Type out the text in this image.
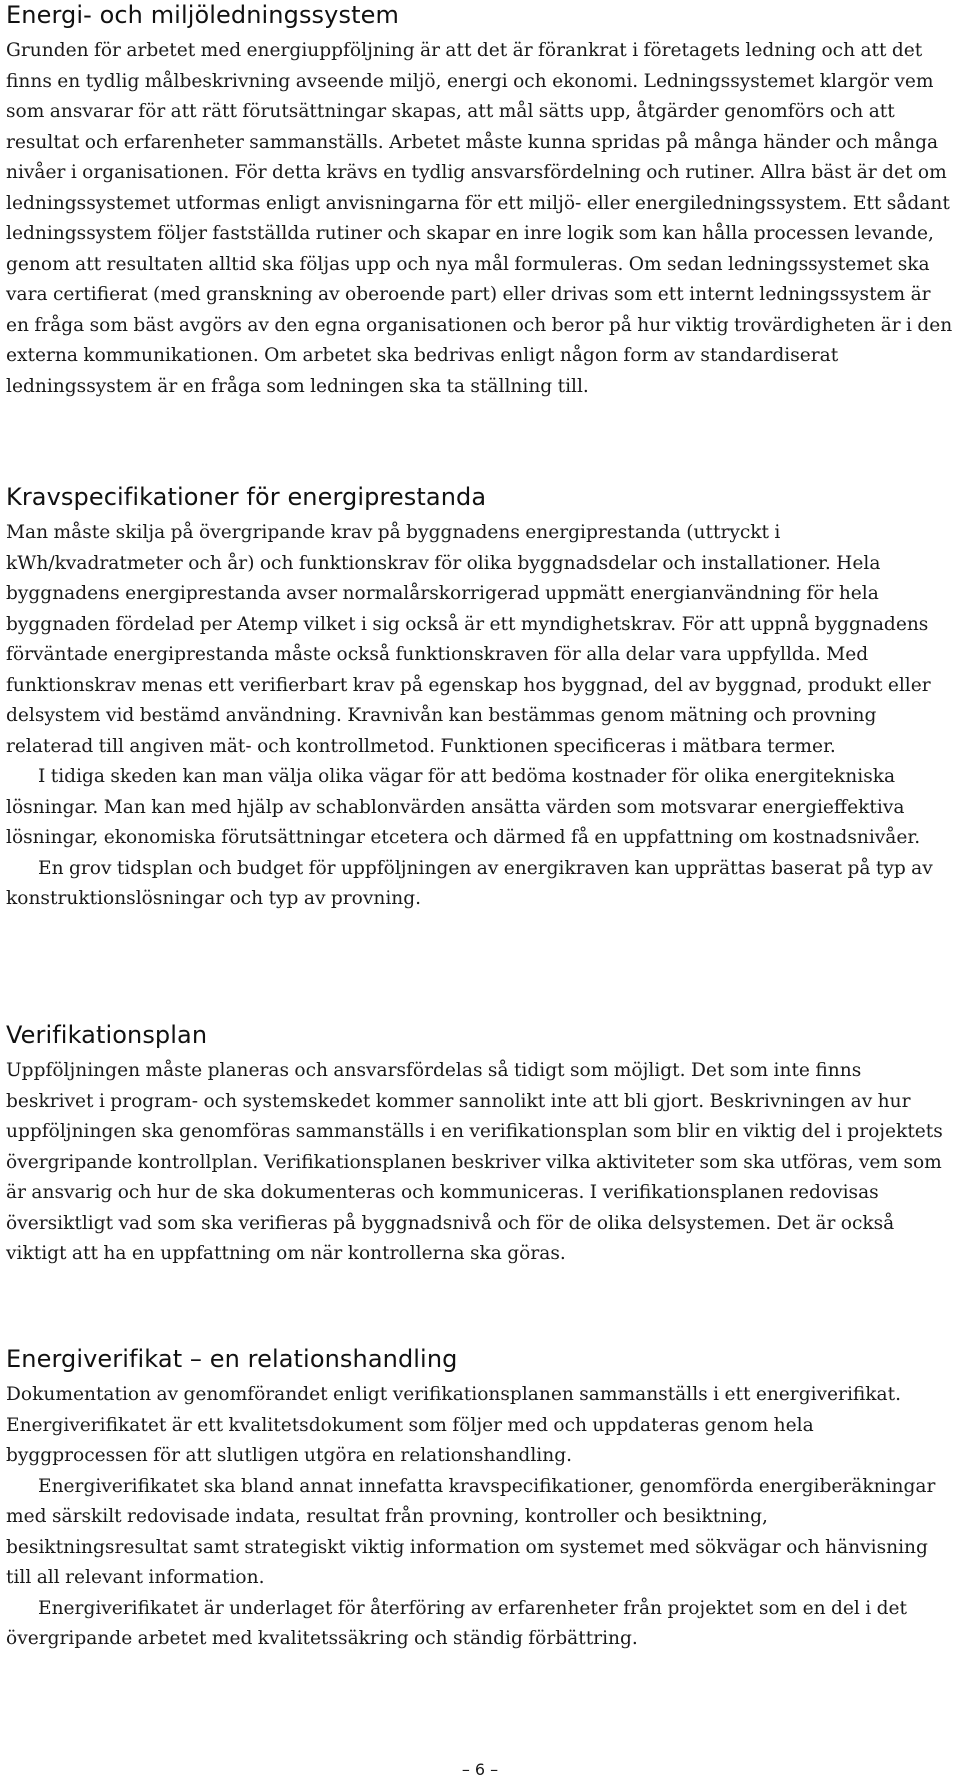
Energi- och miljöledningssystem

Grunden för arbetet med energiuppföljning är att det är förankrat i företagets ledning och att det finns en tydlig målbeskrivning avseende miljö, energi och ekonomi. Ledningssystemet klargör vem som ansvarar för att rätt förutsättningar skapas, att mål sätts upp, åtgärder genomförs och att resultat och erfarenheter sammanställs. Arbetet måste kunna spridas på många händer och många nivåer i organisationen. För detta krävs en tydlig ansvarsfördelning och rutiner. Allra bäst är det om ledningssystemet utformas enligt anvisningarna för ett miljö- eller energiledningssystem. Ett sådant ledningssystem följer fastställda rutiner och skapar en inre logik som kan hålla processen levande, genom att resultaten alltid ska följas upp och nya mål formuleras. Om sedan ledningssystemet ska vara certifierat (med granskning av oberoende part) eller drivas som ett internt ledningssystem är en fråga som bäst avgörs av den egna organisationen och beror på hur viktig trovärdigheten är i den externa kommunikationen. Om arbetet ska bedrivas enligt någon form av standardiserat ledningssystem är en fråga som ledningen ska ta ställning till.

Kravspecifikationer för energiprestanda

Man måste skilja på övergripande krav på byggnadens energiprestanda (uttryckt i kWh/kvadratmeter och år) och funktionskrav för olika byggnadsdelar och installationer. Hela byggnadens energiprestanda avser normalårskorrigerad uppmätt energianvändning för hela byggnaden fördelad per Atemp vilket i sig också är ett myndighetskrav. För att uppnå byggnadens förväntade energiprestanda måste också funktionskraven för alla delar vara uppfyllda. Med funktionskrav menas ett verifierbart krav på egenskap hos byggnad, del av byggnad, produkt eller delsystem vid bestämd användning. Kravnivån kan bestämmas genom mätning och provning relaterad till angiven mät- och kontrollmetod. Funktionen specificeras i mätbara termer.

I tidiga skeden kan man välja olika vägar för att bedöma kostnader för olika energitekniska lösningar. Man kan med hjälp av schablonvärden ansätta värden som motsvarar energieffektiva lösningar, ekonomiska förutsättningar etcetera och därmed få en uppfattning om kostnadsnivåer.

En grov tidsplan och budget för uppföljningen av energikraven kan upprättas baserat på typ av konstruktionslösningar och typ av provning.

Verifikationsplan

Uppföljningen måste planeras och ansvarsfördelas så tidigt som möjligt. Det som inte finns beskrivet i program- och systemskedet kommer sannolikt inte att bli gjort. Beskrivningen av hur uppföljningen ska genomföras sammanställs i en verifikationsplan som blir en viktig del i projektets övergripande kontrollplan. Verifikationsplanen beskriver vilka aktiviteter som ska utföras, vem som är ansvarig och hur de ska dokumenteras och kommuniceras. I verifikationsplanen redovisas översiktligt vad som ska verifieras på byggnadsnivå och för de olika delsystemen. Det är också viktigt att ha en uppfattning om när kontrollerna ska göras.

Energiverifikat – en relationshandling

Dokumentation av genomförandet enligt verifikationsplanen sammanställs i ett energiverifikat. Energiverifikatet är ett kvalitetsdokument som följer med och uppdateras genom hela byggprocessen för att slutligen utgöra en relationshandling.

Energiverifikatet ska bland annat innefatta kravspecifikationer, genomförda energiberäkningar med särskilt redovisade indata, resultat från provning, kontroller och besiktning, besiktningsresultat samt strategiskt viktig information om systemet med sökvägar och hänvisning till all relevant information.

Energiverifikatet är underlaget för återföring av erfarenheter från projektet som en del i det övergripande arbetet med kvalitetssäkring och ständig förbättring.

– 6 –
